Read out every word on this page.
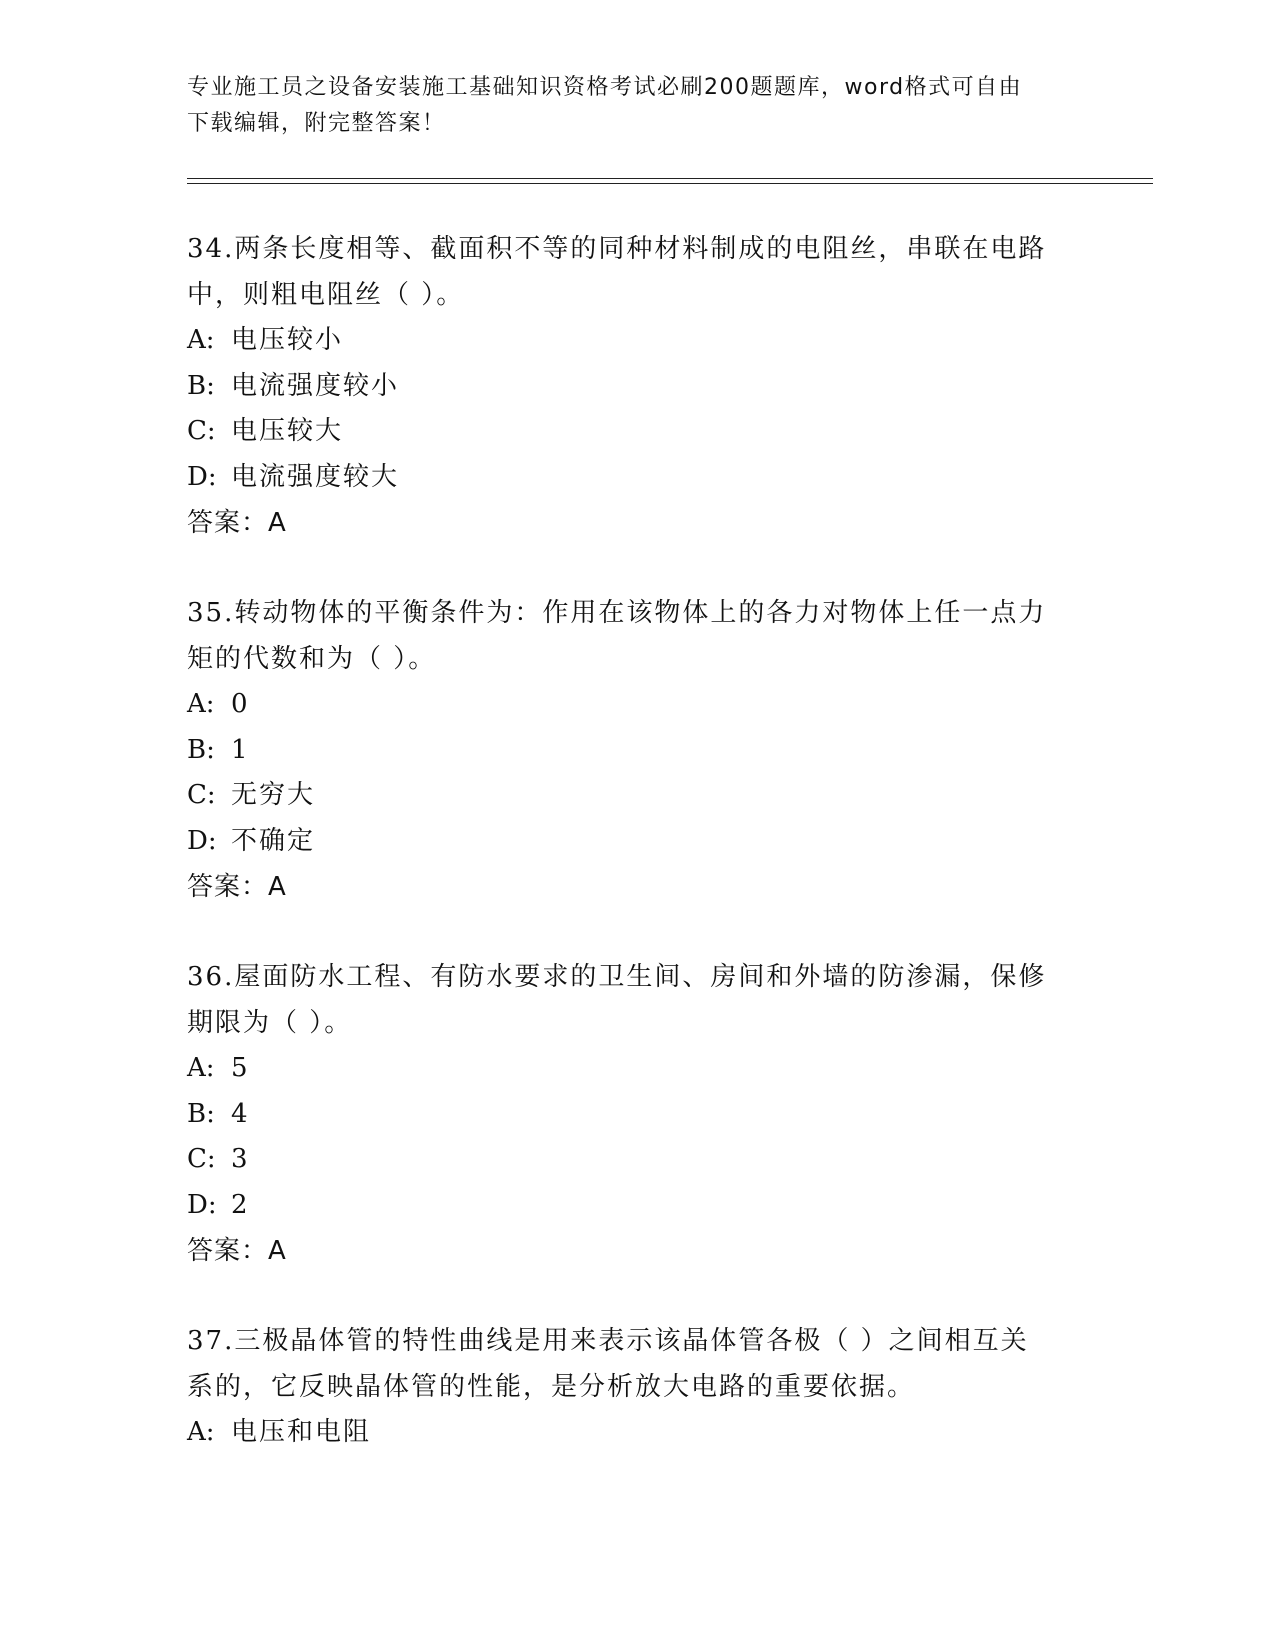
专业施工员之设备安装施工基础知识资格考试必刷200题题库，word格式可自由
下载编辑，附完整答案！

34.两条长度相等、截面积不等的同种材料制成的电阻丝，串联在电路

中，则粗电阻丝（ ）。

A: 电压较小

B: 电流强度较小

C: 电压较大

D: 电流强度较大

答案：A

35.转动物体的平衡条件为：作用在该物体上的各力对物体上任一点力

矩的代数和为（ ）。

A: 0

B: 1

C: 无穷大

D: 不确定

答案：A

36.屋面防水工程、有防水要求的卫生间、房间和外墙的防渗漏，保修

期限为（ ）。

A: 5

B: 4

C: 3

D: 2

答案：A

37.三极晶体管的特性曲线是用来表示该晶体管各极（ ）之间相互关

系的，它反映晶体管的性能，是分析放大电路的重要依据。

A: 电压和电阻
